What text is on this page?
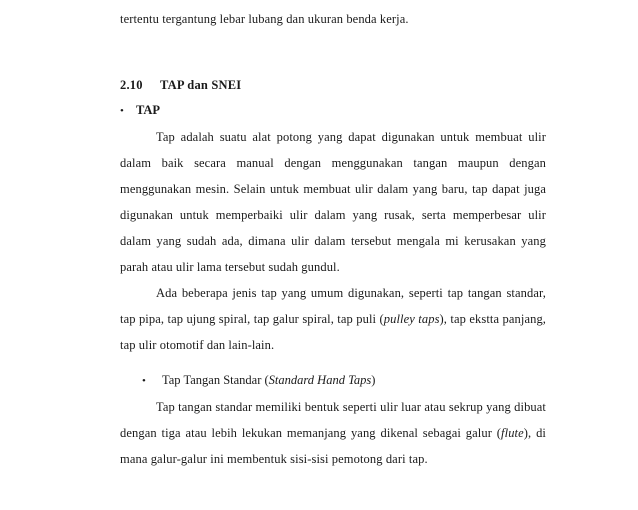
tertentu tergantung lebar lubang dan ukuran benda kerja.

2.10 TAP dan SNEI
• TAP

Tap adalah suatu alat potong yang dapat digunakan untuk membuat ulir dalam baik secara manual dengan menggunakan tangan maupun dengan menggunakan mesin. Selain untuk membuat ulir dalam yang baru, tap dapat juga digunakan untuk memperbaiki ulir dalam yang rusak, serta memperbesar ulir dalam yang sudah ada, dimana ulir dalam tersebut mengala mi kerusakan yang parah atau ulir lama tersebut sudah gundul.

Ada beberapa jenis tap yang umum digunakan, seperti tap tangan standar, tap pipa, tap ujung spiral, tap galur spiral, tap puli (pulley taps), tap ekstta panjang, tap ulir otomotif dan lain-lain.

•	Tap Tangan Standar (Standard Hand Taps)

Tap tangan standar memiliki bentuk seperti ulir luar atau sekrup yang dibuat dengan tiga atau lebih lekukan memanjang yang dikenal sebagai galur (flute), di mana galur-galur ini membentuk sisi-sisi pemotong dari tap.
